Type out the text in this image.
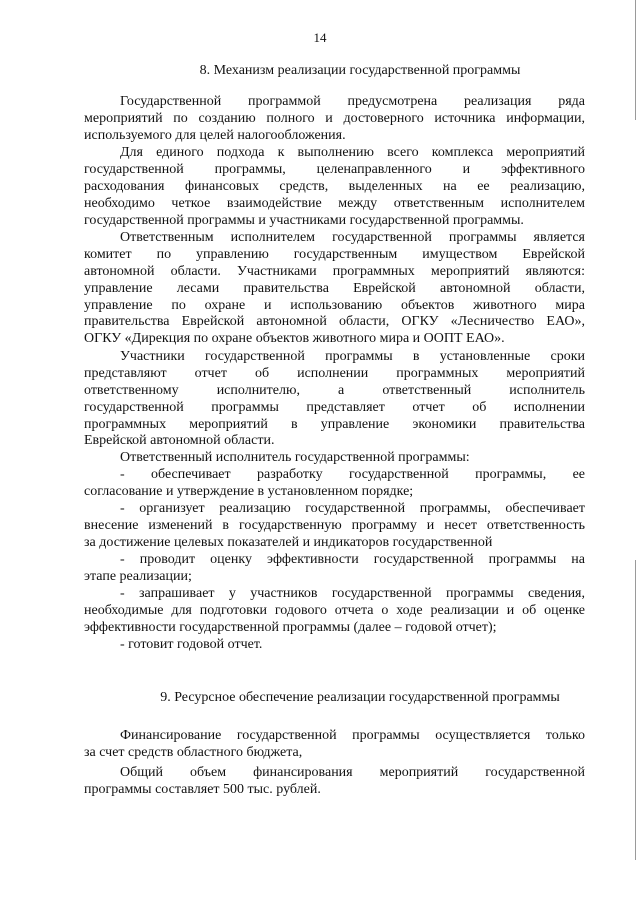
14
8. Механизм реализации государственной программы
Государственной программой предусмотрена реализация ряда
мероприятий по созданию полного и достоверного источника информации,
используемого для целей налогообложения.
Для единого подхода к выполнению всего комплекса мероприятий
государственной программы, целенаправленного и эффективного
расходования финансовых средств, выделенных на ее реализацию,
необходимо четкое взаимодействие между ответственным исполнителем
государственной программы и участниками государственной программы.
Ответственным исполнителем государственной программы является
комитет по управлению государственным имуществом Еврейской
автономной области. Участниками программных мероприятий являются:
управление лесами правительства Еврейской автономной области,
управление по охране и использованию объектов животного мира
правительства Еврейской автономной области, ОГКУ «Лесничество ЕАО»,
ОГКУ «Дирекция по охране объектов животного мира и ООПТ ЕАО».
Участники государственной программы в установленные сроки
представляют отчет об исполнении программных мероприятий
ответственному исполнителю, а ответственный исполнитель
государственной программы представляет отчет об исполнении
программных мероприятий в управление экономики правительства
Еврейской автономной области.
Ответственный исполнитель государственной программы:
- обеспечивает разработку государственной программы, ее
согласование и утверждение в установленном порядке;
- организует реализацию государственной программы, обеспечивает
внесение изменений в государственную программу и несет ответственность
за достижение целевых показателей и индикаторов государственной
- проводит оценку эффективности государственной программы на
этапе реализации;
- запрашивает у участников государственной программы сведения,
необходимые для подготовки годового отчета о ходе реализации и об оценке
эффективности государственной программы (далее – годовой отчет);
- готовит годовой отчет.
9. Ресурсное обеспечение реализации государственной программы
Финансирование государственной программы осуществляется только
за счет средств областного бюджета,
Общий объем финансирования мероприятий государственной
программы составляет 500 тыс. рублей.
